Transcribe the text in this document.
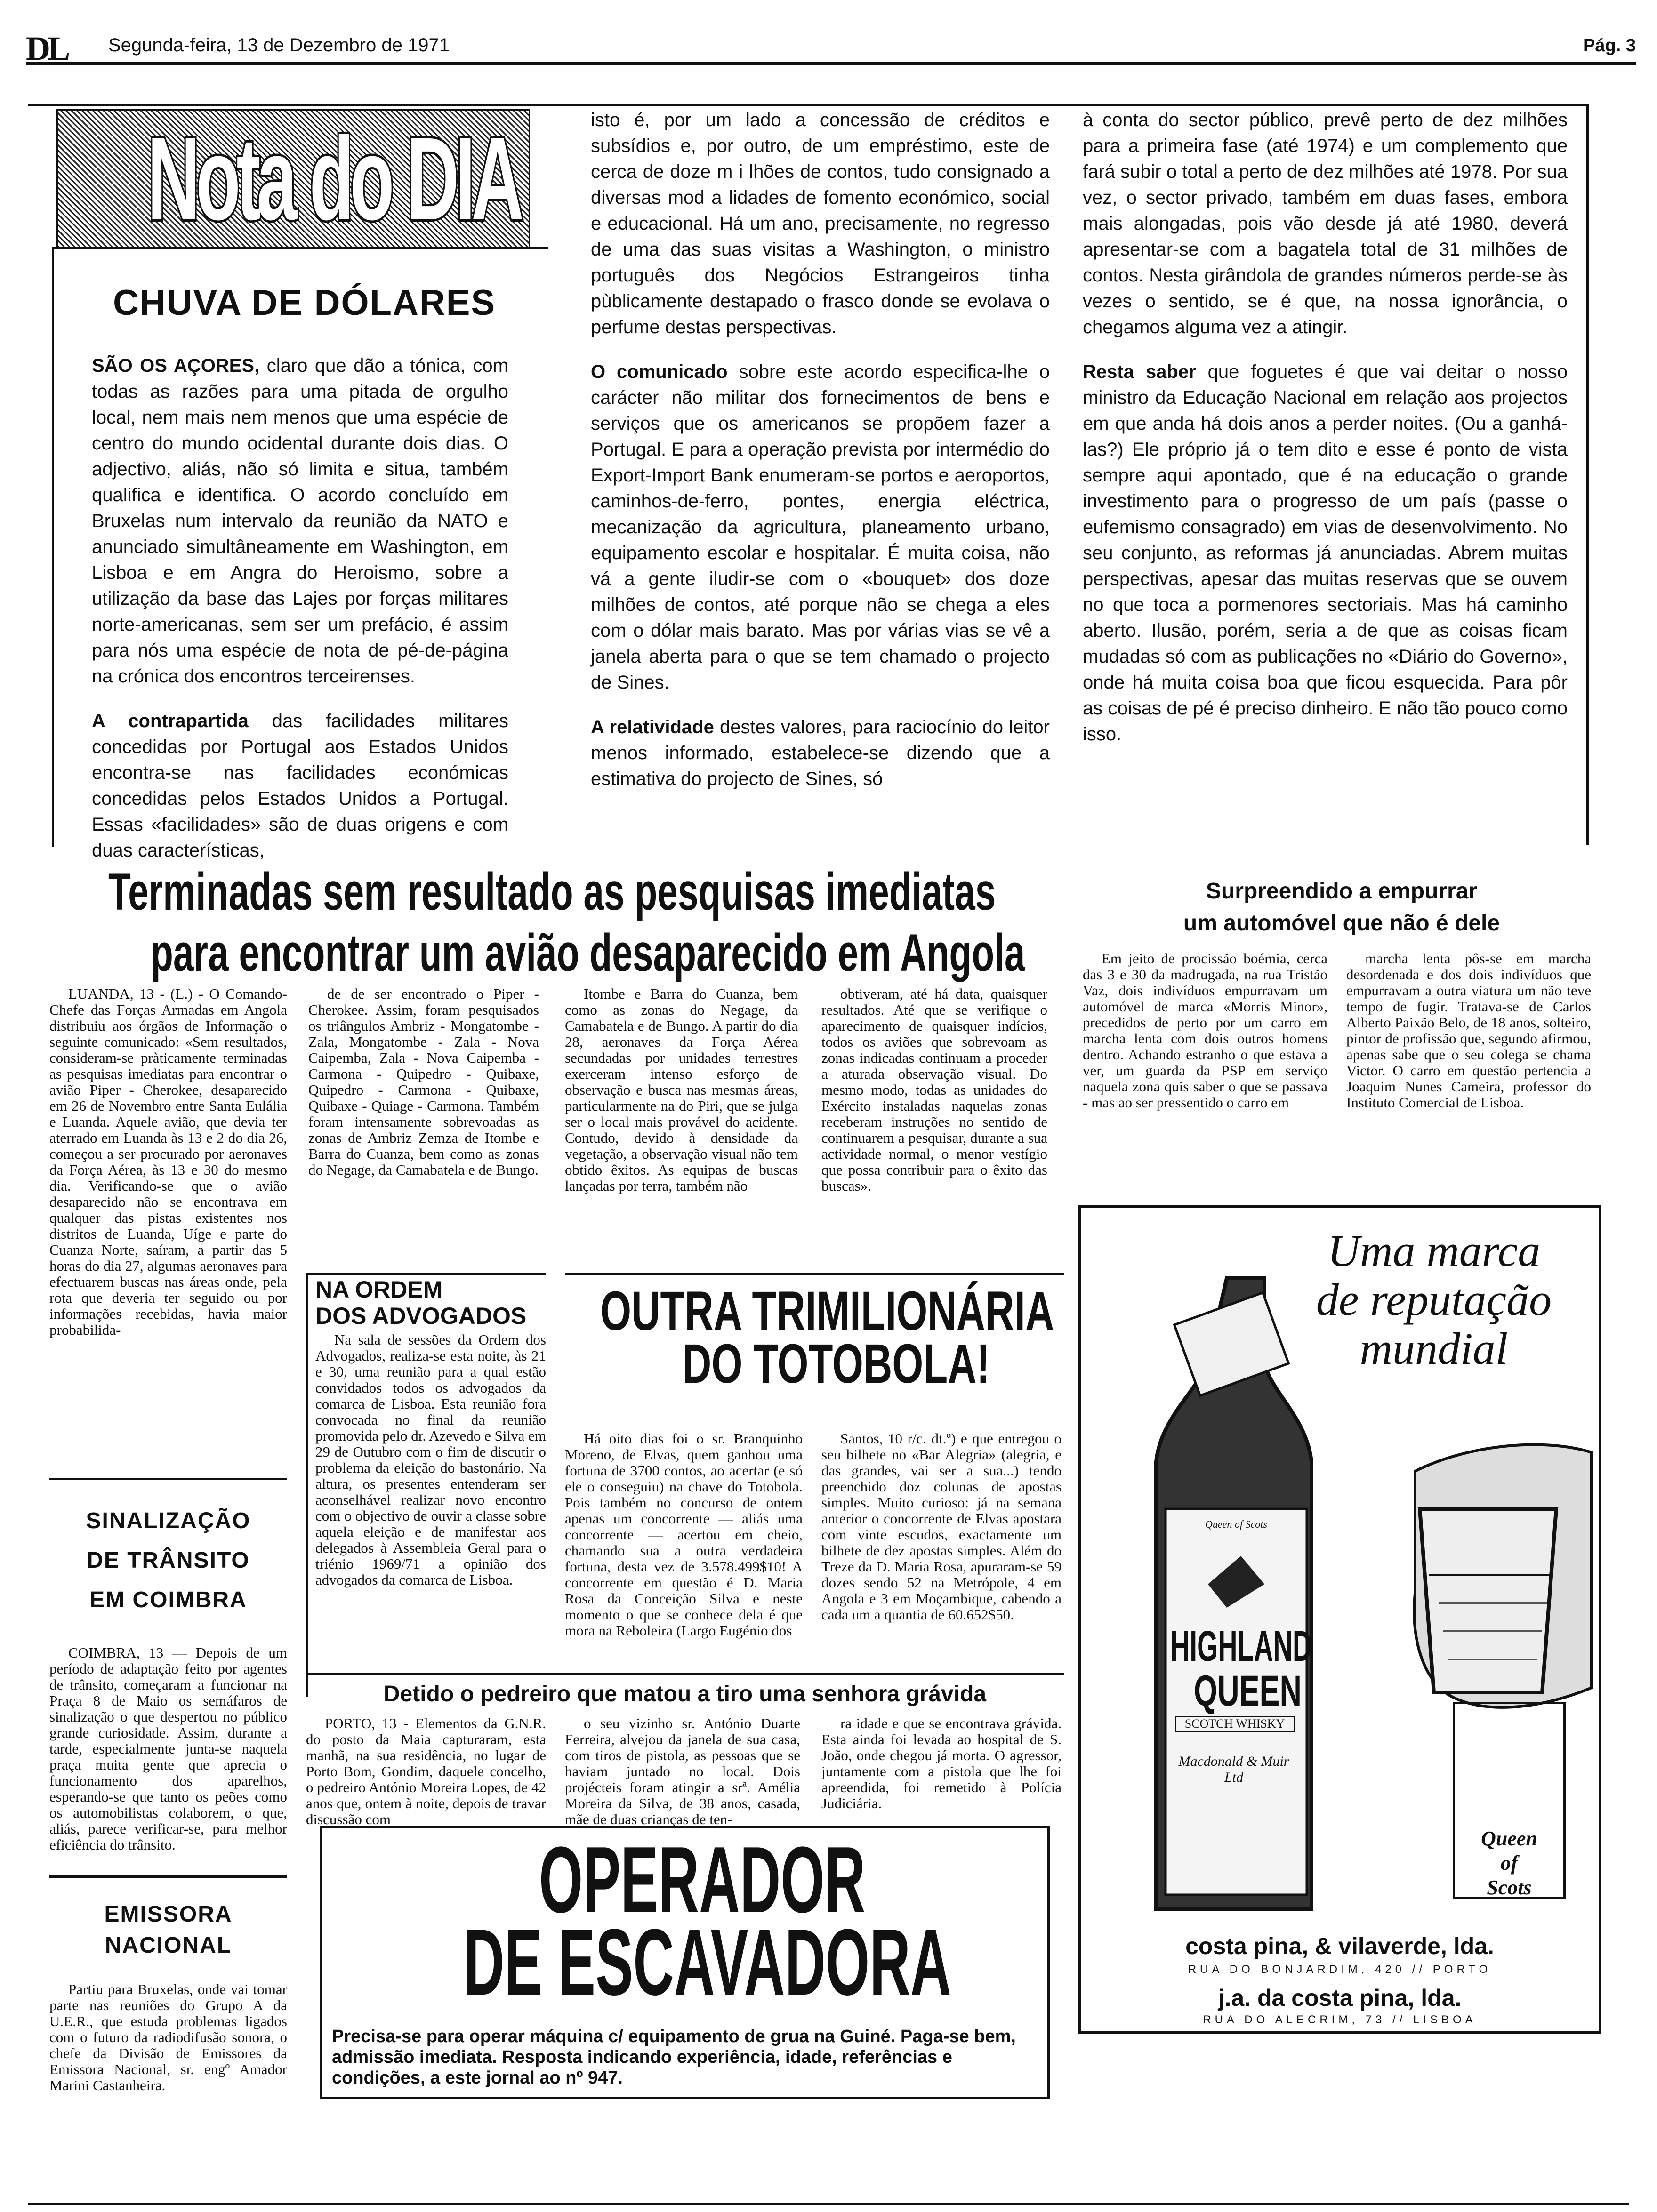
DL Segunda-feira, 13 de Dezembro de 1971	Pág. 3
Nota do DIA
CHUVA DE DÓLARES

SÃO OS AÇORES, claro que dão a tónica, com todas as razões para uma pitada de orgulho local, nem mais nem menos que uma espécie de centro do mundo ocidental durante dois dias. O adjectivo, aliás, não só limita e situa, também qualifica e identifica. O acordo concluído em Bruxelas num intervalo da reunião da NATO e anunciado simultâneamente em Washington, em Lisboa e em Angra do Heroismo, sobre a utilização da base das Lajes por forças militares norte-americanas, sem ser um prefácio, é assim para nós uma espécie de nota de pé-de-página na crónica dos encontros terceirenses.

A contrapartida das facilidades militares concedidas por Portugal aos Estados Unidos encontra-se nas facilidades económicas concedidas pelos Estados Unidos a Portugal. Essas «facilidades» são de duas origens e com duas características,

isto é, por um lado a concessão de créditos e subsídios e, por outro, de um empréstimo, este de cerca de doze m i lhões de contos, tudo consignado a diversas mod a lidades de fomento económico, social e educacional. Há um ano, precisamente, no regresso de uma das suas visitas a Washington, o ministro português dos Negócios Estrangeiros tinha pùblicamente destapado o frasco donde se evolava o perfume destas perspectivas.

O comunicado sobre este acordo especifica-lhe o carácter não militar dos fornecimentos de bens e serviços que os americanos se propõem fazer a Portugal. E para a operação prevista por intermédio do Export-Import Bank enumeram-se portos e aeroportos, caminhos-de-ferro, pontes, energia eléctrica, mecanização da agricultura, planeamento urbano, equipamento escolar e hospitalar. É muita coisa, não vá a gente iludir-se com o «bouquet» dos doze milhões de contos, até porque não se chega a eles com o dólar mais barato. Mas por várias vias se vê a janela aberta para o que se tem chamado o projecto de Sines.

A relatividade destes valores, para raciocínio do leitor menos informado, estabelece-se dizendo que a estimativa do projecto de Sines, só

à conta do sector público, prevê perto de dez milhões para a primeira fase (até 1974) e um complemento que fará subir o total a perto de dez milhões até 1978. Por sua vez, o sector privado, também em duas fases, embora mais alongadas, pois vão desde já até 1980, deverá apresentar-se com a bagatela total de 31 milhões de contos. Nesta girândola de grandes números perde-se às vezes o sentido, se é que, na nossa ignorância, o chegamos alguma vez a atingir.

Resta saber que foguetes é que vai deitar o nosso ministro da Educação Nacional em relação aos projectos em que anda há dois anos a perder noites. (Ou a ganhá-las?) Ele próprio já o tem dito e esse é ponto de vista sempre aqui apontado, que é na educação o grande investimento para o progresso de um país (passe o eufemismo consagrado) em vias de desenvolvimento. No seu conjunto, as reformas já anunciadas. Abrem muitas perspectivas, apesar das muitas reservas que se ouvem no que toca a pormenores sectoriais. Mas há caminho aberto. Ilusão, porém, seria a de que as coisas ficam mudadas só com as publicações no «Diário do Governo», onde há muita coisa boa que ficou esquecida. Para pôr as coisas de pé é preciso dinheiro. E não tão pouco como isso.

Terminadas sem resultado as pesquisas imediatas
para encontrar um avião desaparecido em Angola

LUANDA, 13 - (L.) - O Comando-Chefe das Forças Armadas em Angola distribuiu aos órgãos de Informação o seguinte comunicado: «Sem resultados, consideram-se pràticamente terminadas as pesquisas imediatas para encontrar o avião Piper - Cherokee, desaparecido em 26 de Novembro entre Santa Eulália e Luanda. Aquele avião, que devia ter aterrado em Luanda às 13 e 2 do dia 26, começou a ser procurado por aeronaves da Força Aérea, às 13 e 30 do mesmo dia. Verificando-se que o avião desaparecido não se encontrava em qualquer das pistas existentes nos distritos de Luanda, Uíge e parte do Cuanza Norte, saíram, a partir das 5 horas do dia 27, algumas aeronaves para efectuarem buscas nas áreas onde, pela rota que deveria ter seguido ou por informações recebidas, havia maior probabilida-

de de ser encontrado o Piper - Cherokee. Assim, foram pesquisados os triângulos Ambriz - Mongatombe - Zala, Mongatombe - Zala - Nova Caipemba, Zala - Nova Caipemba - Carmona - Quipedro - Quibaxe, Quipedro - Carmona - Quibaxe, Quibaxe - Quiage - Carmona. Também foram intensamente sobrevoadas as zonas de Ambriz Zemza de Itombe e Barra do Cuanza, bem como as zonas do Negage, da Camabatela e de Bungo.

Itombe e Barra do Cuanza, bem como as zonas do Negage, da Camabatela e de Bungo. A partir do dia 28, aeronaves da Força Aérea secundadas por unidades terrestres exerceram intenso esforço de observação e busca nas mesmas áreas, particularmente na do Piri, que se julga ser o local mais provável do acidente. Contudo, devido à densidade da vegetação, a observação visual não tem obtido êxitos. As equipas de buscas lançadas por terra, também não

obtiveram, até há data, quaisquer resultados. Até que se verifique o aparecimento de quaisquer indícios, todos os aviões que sobrevoam as zonas indicadas continuam a proceder a aturada observação visual. Do mesmo modo, todas as unidades do Exército instaladas naquelas zonas receberam instruções no sentido de continuarem a pesquisar, durante a sua actividade normal, o menor vestígio que possa contribuir para o êxito das buscas».

Surpreendido a empurrar
um automóvel que não é dele

Em jeito de procissão boémia, cerca das 3 e 30 da madrugada, na rua Tristão Vaz, dois indivíduos empurravam um automóvel de marca «Morris Minor», precedidos de perto por um carro em marcha lenta com dois outros homens dentro. Achando estranho o que estava a ver, um guarda da PSP em serviço naquela zona quis saber o que se passava - mas ao ser pressentido o carro em

marcha lenta pôs-se em marcha desordenada e dos dois indivíduos que empurravam a outra viatura um não teve tempo de fugir. Tratava-se de Carlos Alberto Paixão Belo, de 18 anos, solteiro, pintor de profissão que, segundo afirmou, apenas sabe que o seu colega se chama Victor. O carro em questão pertencia a Joaquim Nunes Cameira, professor do Instituto Comercial de Lisboa.

NA ORDEM
DOS ADVOGADOS

Na sala de sessões da Ordem dos Advogados, realiza-se esta noite, às 21 e 30, uma reunião para a qual estão convidados todos os advogados da comarca de Lisboa. Esta reunião fora convocada no final da reunião promovida pelo dr. Azevedo e Silva em 29 de Outubro com o fim de discutir o problema da eleição do bastonário. Na altura, os presentes entenderam ser aconselhável realizar novo encontro com o objectivo de ouvir a classe sobre aquela eleição e de manifestar aos delegados à Assembleia Geral para o triénio 1969/71 a opinião dos advogados da comarca de Lisboa.

OUTRA TRIMILIONÁRIA
DO TOTOBOLA!

Há oito dias foi o sr. Branquinho Moreno, de Elvas, quem ganhou uma fortuna de 3700 contos, ao acertar (e só ele o conseguiu) na chave do Totobola. Pois também no concurso de ontem apenas um concorrente — aliás uma concorrente — acertou em cheio, chamando sua a outra verdadeira fortuna, desta vez de 3.578.499$10! A concorrente em questão é D. Maria Rosa da Conceição Silva e neste momento o que se conhece dela é que mora na Reboleira (Largo Eugénio dos

Santos, 10 r/c. dt.º) e que entregou o seu bilhete no «Bar Alegria» (alegria, e das grandes, vai ser a sua...) tendo preenchido doz colunas de apostas simples. Muito curioso: já na semana anterior o concorrente de Elvas apostara com vinte escudos, exactamente um bilhete de dez apostas simples. Além do Treze da D. Maria Rosa, apuraram-se 59 dozes sendo 52 na Metrópole, 4 em Angola e 3 em Moçambique, cabendo a cada um a quantia de 60.652$50.

SINALIZAÇÃO
DE TRÂNSITO
EM COIMBRA

COIMBRA, 13 — Depois de um período de adaptação feito por agentes de trânsito, começaram a funcionar na Praça 8 de Maio os semáfaros de sinalização o que despertou no público grande curiosidade. Assim, durante a tarde, especialmente junta-se naquela praça muita gente que aprecia o funcionamento dos aparelhos, esperando-se que tanto os peões como os automobilistas colaborem, o que, aliás, parece verificar-se, para melhor eficiência do trânsito.

Detido o pedreiro que matou a tiro uma senhora grávida

PORTO, 13 - Elementos da G.N.R. do posto da Maia capturaram, esta manhã, na sua residência, no lugar de Porto Bom, Gondim, daquele concelho, o pedreiro António Moreira Lopes, de 42 anos que, ontem à noite, depois de travar discussão com

o seu vizinho sr. António Duarte Ferreira, alvejou da janela de sua casa, com tiros de pistola, as pessoas que se haviam juntado no local. Dois projécteis foram atingir a srª. Amélia Moreira da Silva, de 38 anos, casada, mãe de duas crianças de ten-

ra idade e que se encontrava grávida. Esta ainda foi levada ao hospital de S. João, onde chegou já morta. O agressor, juntamente com a pistola que lhe foi apreendida, foi remetido à Polícia Judiciária.

EMISSORA
NACIONAL

Partiu para Bruxelas, onde vai tomar parte nas reuniões do Grupo A da U.E.R., que estuda problemas ligados com o futuro da radiodifusão sonora, o chefe da Divisão de Emissores da Emissora Nacional, sr. engº Amador Marini Castanheira.

OPERADOR
DE ESCAVADORA
Precisa-se para operar máquina c/ equipamento de grua na Guiné. Paga-se bem, admissão imediata. Resposta indicando experiência, idade, referências e condições, a este jornal ao nº 947.
Uma marca
de reputação
mundial
Queen of Scots
HIGHLAND
QUEEN
SCOTCH WHISKY
Macdonald & Muir Ltd
Queen
of
Scots
costa pina, & vilaverde, lda.
RUA DO BONJARDIM, 420 // PORTO
j.a. da costa pina, lda.
RUA DO ALECRIM, 73 // LISBOA
